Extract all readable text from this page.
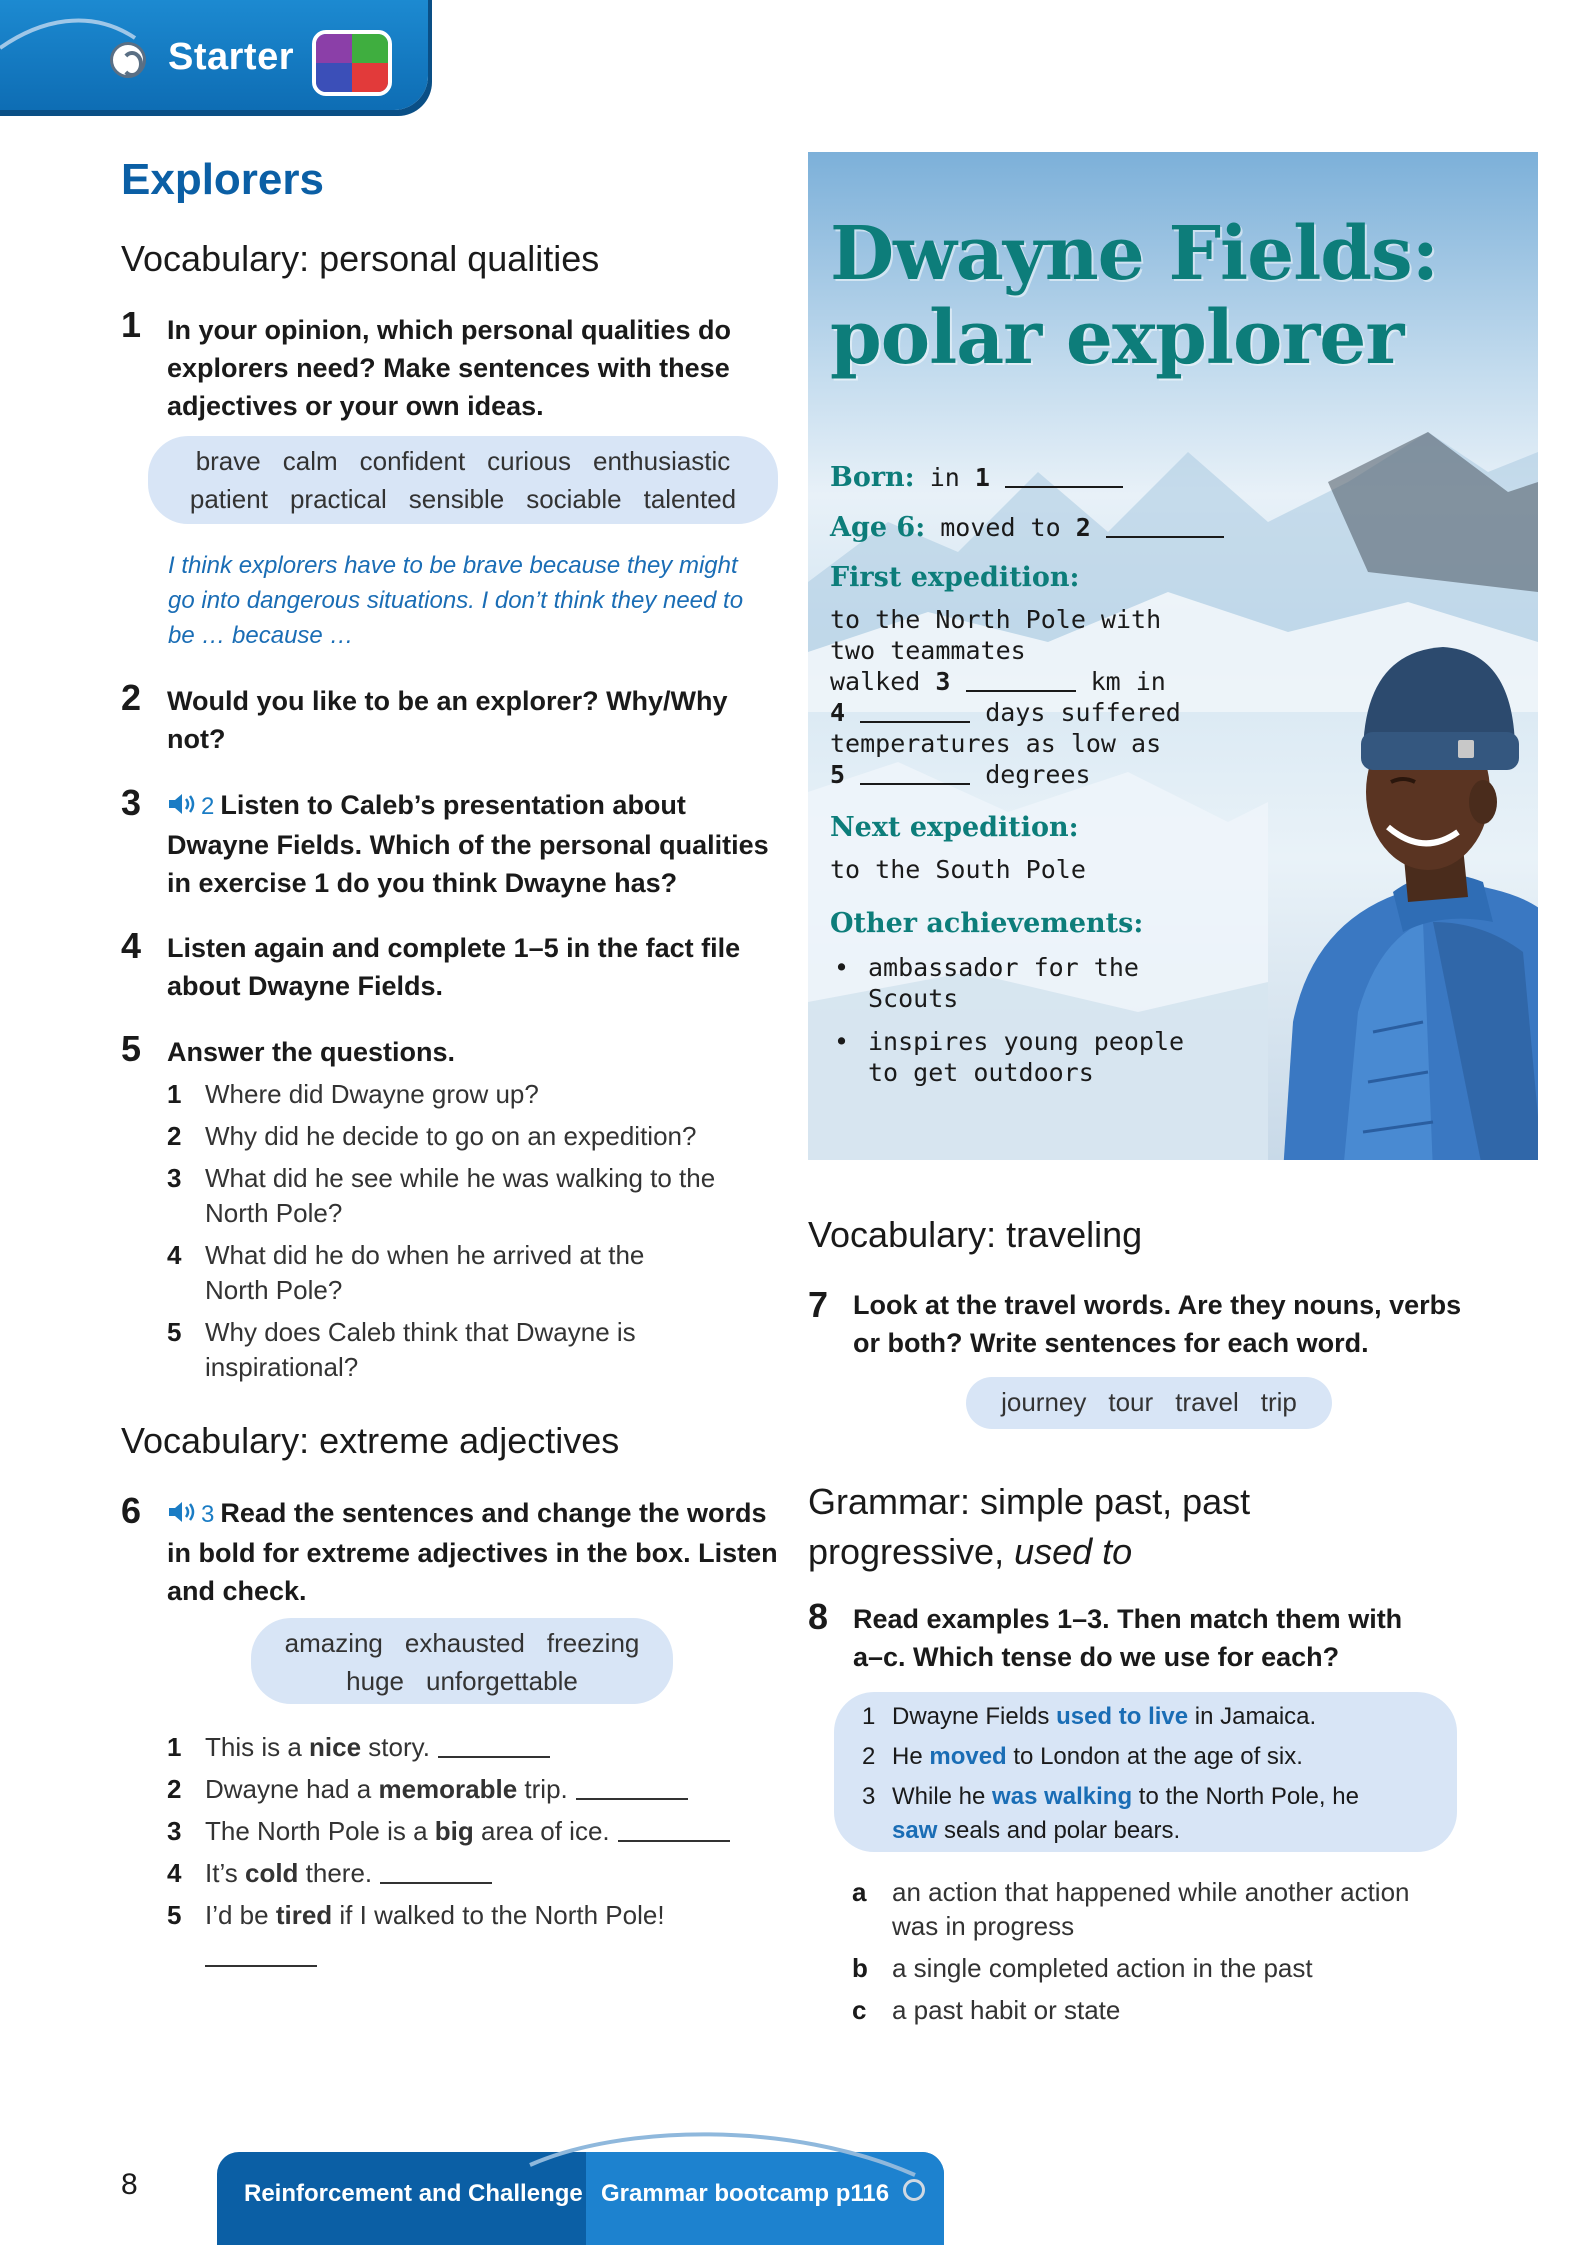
Starter
Explorers
Vocabulary: personal qualities
1 In your opinion, which personal qualities do
explorers need? Make sentences with these
adjectives or your own ideas.
brave calm confident curious enthusiastic
patient practical sensible sociable talented
I think explorers have to be brave because they might
go into dangerous situations. I don’t think they need to
be … because …
2 Would you like to be an explorer? Why/Why
not?
3	2 Listen to Caleb’s presentation about
Dwayne Fields. Which of the personal qualities
in exercise 1 do you think Dwayne has?
4 Listen again and complete 1–5 in the fact file
about Dwayne Fields.
5 Answer the questions.
1 Where did Dwayne grow up?
2 Why did he decide to go on an expedition?
3 What did he see while he was walking to the
North Pole?
4 What did he do when he arrived at the
North Pole?
5 Why does Caleb think that Dwayne is
inspirational?
Vocabulary: extreme adjectives
6	3 Read the sentences and change the words
in bold for extreme adjectives in the box. Listen
and check.
amazing exhausted freezing
huge unforgettable
1 This is a nice story.
2 Dwayne had a memorable trip.
3 The North Pole is a big area of ice.
4 It’s cold there.
5 I’d be tired if I walked to the North Pole!
Dwayne Fields:
polar explorer
Born: in 1
Age 6: moved to 2
First expedition:
to the North Pole with
two teammates
walked 3	km in
4	days suffered
temperatures as low as
5	degrees
Next expedition:
to the South Pole
Other achievements:
• ambassador for the
Scouts
• inspires young people
to get outdoors
Vocabulary: traveling
7 Look at the travel words. Are they nouns, verbs
or both? Write sentences for each word.
journey tour travel trip
Grammar: simple past, past
progressive, used to
8 Read examples 1–3. Then match them with
a–c. Which tense do we use for each?
1 Dwayne Fields used to live in Jamaica.
2 He moved to London at the age of six.
3 While he was walking to the North Pole, he
saw seals and polar bears.
a an action that happened while another action
was in progress
b a single completed action in the past
c a past habit or state
8	Reinforcement and Challenge Grammar bootcamp p116
